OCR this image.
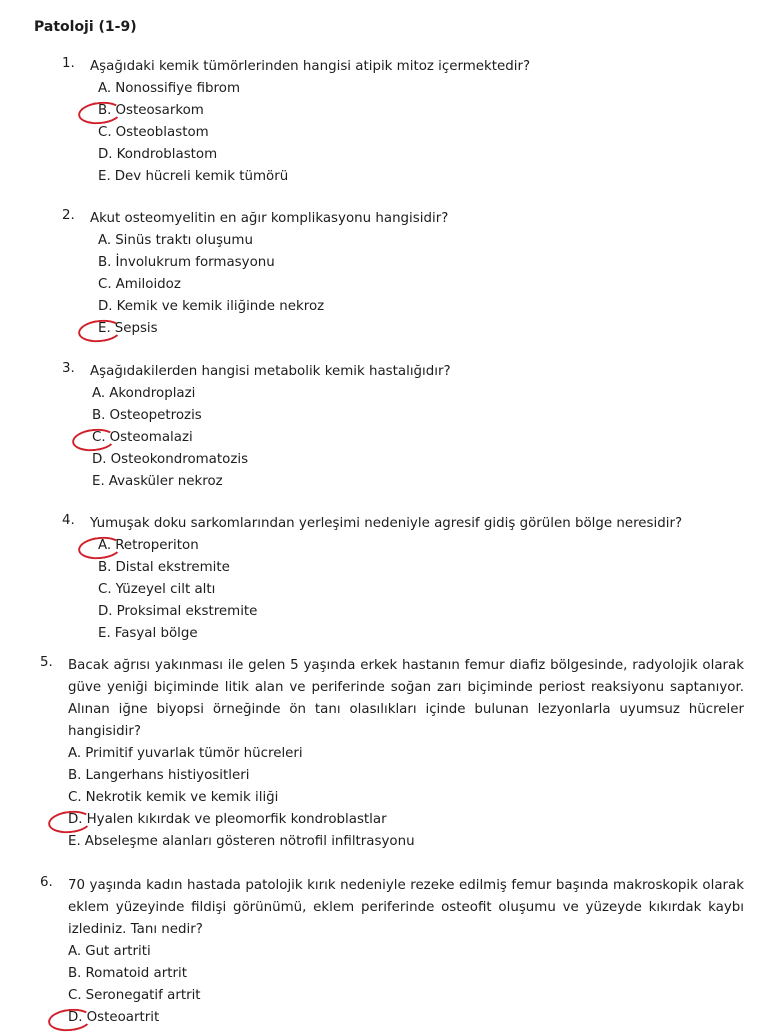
Patoloji (1-9)
1.	Aşağıdaki kemik tümörlerinden hangisi atipik mitoz içermektedir?
A. Nonossifiye fibrom
B. Osteosarkom
C. Osteoblastom
D. Kondroblastom
E. Dev hücreli kemik tümörü
2.	Akut osteomyelitin en ağır komplikasyonu hangisidir?
A. Sinüs traktı oluşumu
B. İnvolukrum formasyonu
C. Amiloidoz
D. Kemik ve kemik iliğinde nekroz
E. Sepsis
3.	Aşağıdakilerden hangisi metabolik kemik hastalığıdır?
A. Akondroplazi
B. Osteopetrozis
C. Osteomalazi
D. Osteokondromatozis
E. Avasküler nekroz
4.	Yumuşak doku sarkomlarından yerleşimi nedeniyle agresif gidiş görülen bölge neresidir?
A. Retroperiton
B. Distal ekstremite
C. Yüzeyel cilt altı
D. Proksimal ekstremite
E. Fasyal bölge
5.	Bacak ağrısı yakınması ile gelen 5 yaşında erkek hastanın femur diafiz bölgesinde, radyolojik olarak güve yeniği biçiminde litik alan ve periferinde soğan zarı biçiminde periost reaksiyonu saptanıyor. Alınan iğne biyopsi örneğinde ön tanı olasılıkları içinde bulunan lezyonlarla uyumsuz hücreler hangisidir?
A. Primitif yuvarlak tümör hücreleri
B. Langerhans histiyositleri
C. Nekrotik kemik ve kemik iliği
D. Hyalen kıkırdak ve pleomorfik kondroblastlar
E. Abseleşme alanları gösteren nötrofil infiltrasyonu
6.	70 yaşında kadın hastada patolojik kırık nedeniyle rezeke edilmiş femur başında makroskopik olarak eklem yüzeyinde fildişi görünümü, eklem periferinde osteofit oluşumu ve yüzeyde kıkırdak kaybı izlediniz. Tanı nedir?
A. Gut artriti
B. Romatoid artrit
C. Seronegatif artrit
D. Osteoartrit
